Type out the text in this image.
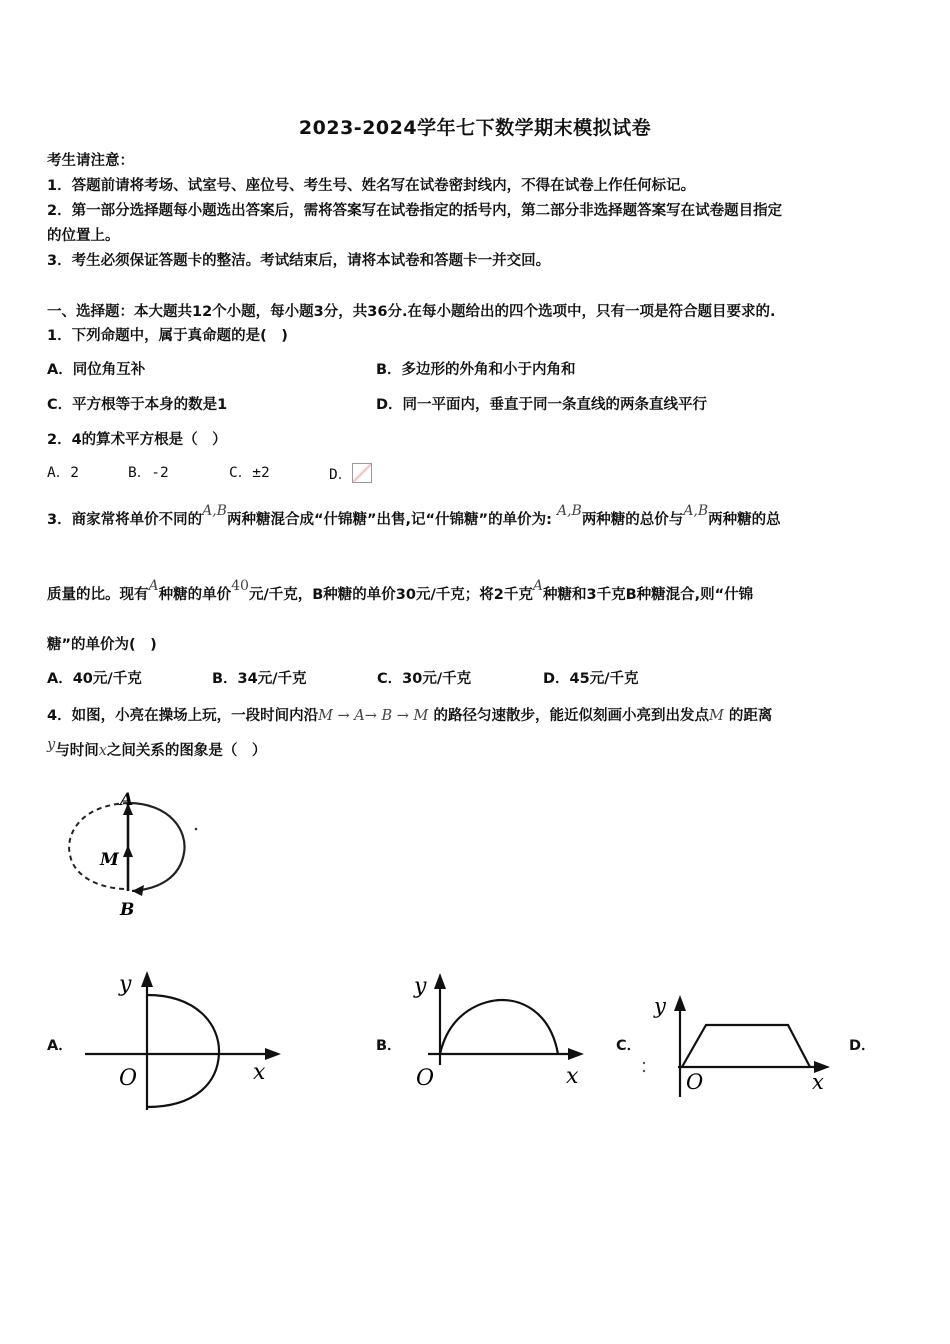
2023-2024学年七下数学期末模拟试卷
考生请注意：
1．答题前请将考场、试室号、座位号、考生号、姓名写在试卷密封线内，不得在试卷上作任何标记。
2．第一部分选择题每小题选出答案后，需将答案写在试卷指定的括号内，第二部分非选择题答案写在试卷题目指定
的位置上。
3．考生必须保证答题卡的整洁。考试结束后，请将本试卷和答题卡一并交回。
一、选择题：本大题共12个小题，每小题3分，共36分.在每小题给出的四个选项中，只有一项是符合题目要求的.
1．下列命题中，属于真命题的是(　)
A．同位角互补	B．多边形的外角和小于内角和
C．平方根等于本身的数是1	D．同一平面内，垂直于同一条直线的两条直线平行
2．4的算术平方根是（　）
A．2	B．-2	C．±2	D．
3．商家常将单价不同的A,B两种糖混合成“什锦糖”出售,记“什锦糖”的单价为: A,B两种糖的总价与A,B两种糖的总
质量的比。现有A种糖的单价40元/千克，B种糖的单价30元/千克；将2千克A种糖和3千克B种糖混合,则“什锦
糖”的单价为(　)
A．40元/千克	B．34元/千克	C．30元/千克	D．45元/千克
4．如图，小亮在操场上玩，一段时间内沿M → A→ B → M 的路径匀速散步，能近似刻画小亮到出发点M 的距离
y与时间x之间关系的图象是（　）
A
M
B
A．	B．	C．	D．
y
O	x
y
O	x
y
O	x
